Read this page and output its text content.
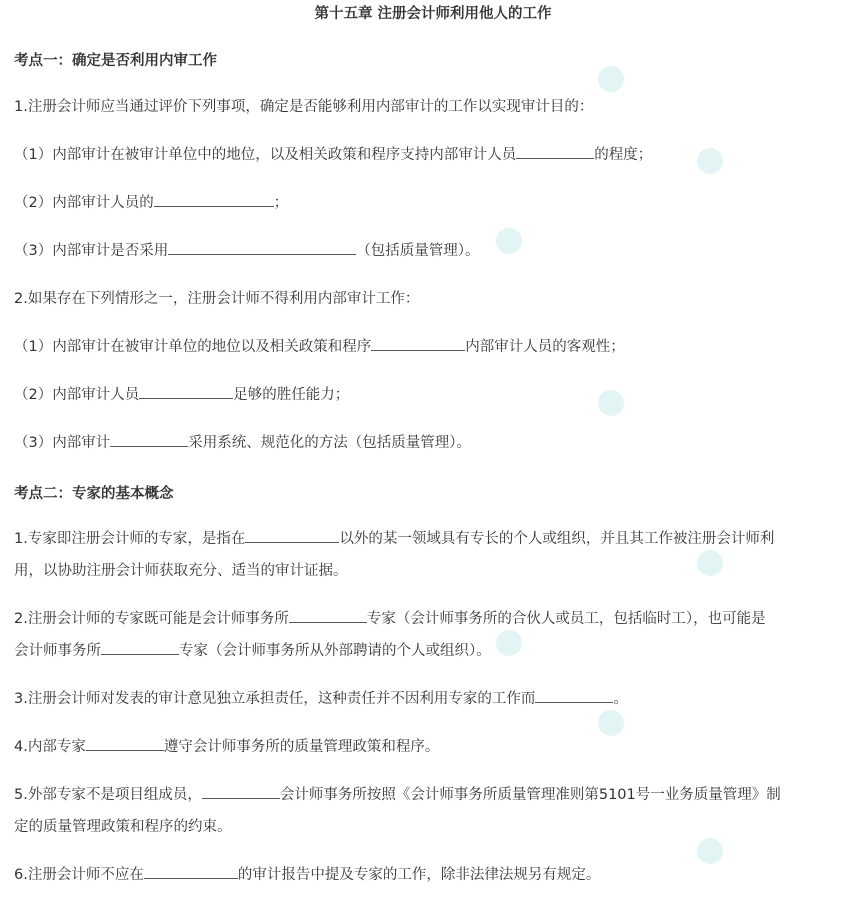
第十五章 注册会计师利用他人的工作
考点一：确定是否利用内审工作
1.注册会计师应当通过评价下列事项，确定是否能够利用内部审计的工作以实现审计目的：
（1）内部审计在被审计单位中的地位，以及相关政策和程序支持内部审计人员	的程度；
（2）内部审计人员的	；
（3）内部审计是否采用	（包括质量管理）。
2.如果存在下列情形之一，注册会计师不得利用内部审计工作：
（1）内部审计在被审计单位的地位以及相关政策和程序	内部审计人员的客观性；
（2）内部审计人员	足够的胜任能力；
（3）内部审计	采用系统、规范化的方法（包括质量管理）。
考点二：专家的基本概念
1.专家即注册会计师的专家，是指在	以外的某一领域具有专长的个人或组织，并且其工作被注册会计师利
用，以协助注册会计师获取充分、适当的审计证据。
2.注册会计师的专家既可能是会计师事务所	专家（会计师事务所的合伙人或员工，包括临时工），也可能是
会计师事务所	专家（会计师事务所从外部聘请的个人或组织）。
3.注册会计师对发表的审计意见独立承担责任，这种责任并不因利用专家的工作而	。
4.内部专家	遵守会计师事务所的质量管理政策和程序。
5.外部专家不是项目组成员，	会计师事务所按照《会计师事务所质量管理准则第5101号一业务质量管理》制
定的质量管理政策和程序的约束。
6.注册会计师不应在	的审计报告中提及专家的工作，除非法律法规另有规定。
